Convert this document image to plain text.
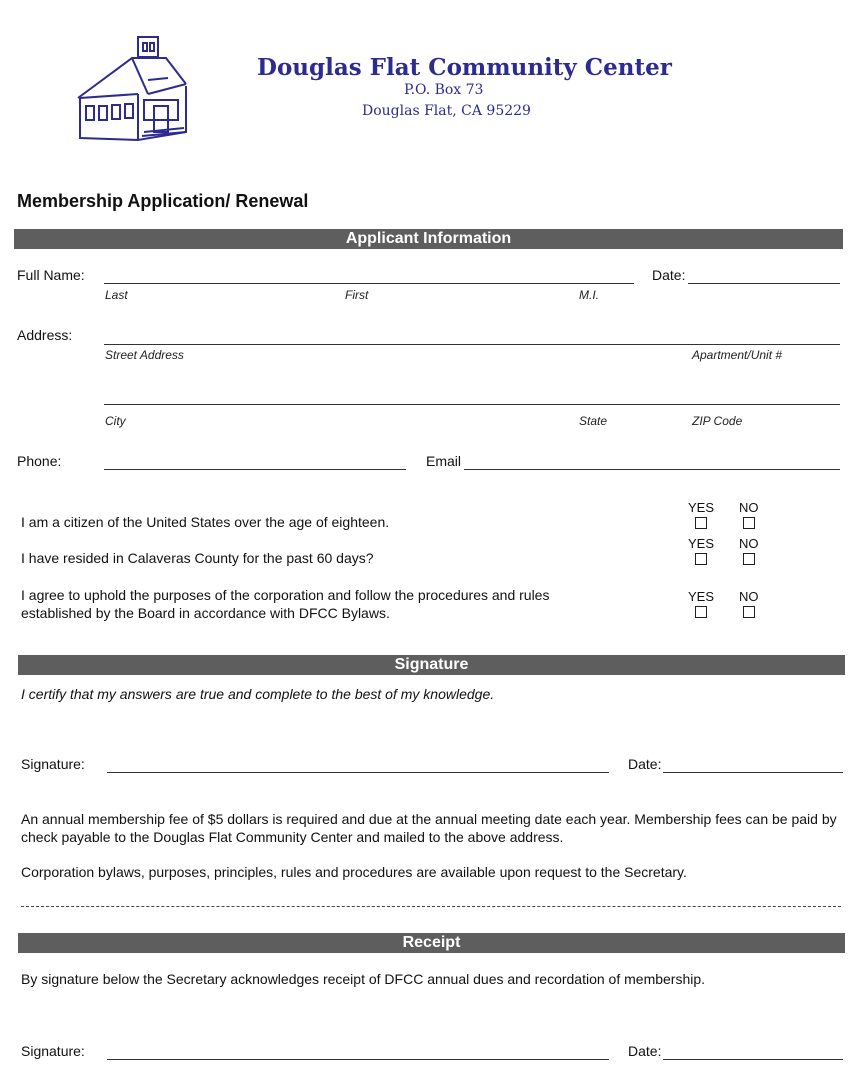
Douglas Flat Community Center
P.O. Box 73
Douglas Flat, CA 95229
Membership Application/ Renewal
Applicant Information
Full Name:
Last	First	M.I.
Date:
Address:
Street Address	Apartment/Unit #
City	State	ZIP Code
Phone:	Email
I am a citizen of the United States over the age of eighteen.
YES NO
I have resided in Calaveras County for the past 60 days?
YES NO
I agree to uphold the purposes of the corporation and follow the procedures and rules established by the Board in accordance with DFCC Bylaws.
YES NO
Signature
I certify that my answers are true and complete to the best of my knowledge.
Signature:	Date:
An annual membership fee of $5 dollars is required and due at the annual meeting date each year. Membership fees can be paid by check payable to the Douglas Flat Community Center and mailed to the above address.
Corporation bylaws, purposes, principles, rules and procedures are available upon request to the Secretary.
Receipt
By signature below the Secretary acknowledges receipt of DFCC annual dues and recordation of membership.
Signature:	Date:
